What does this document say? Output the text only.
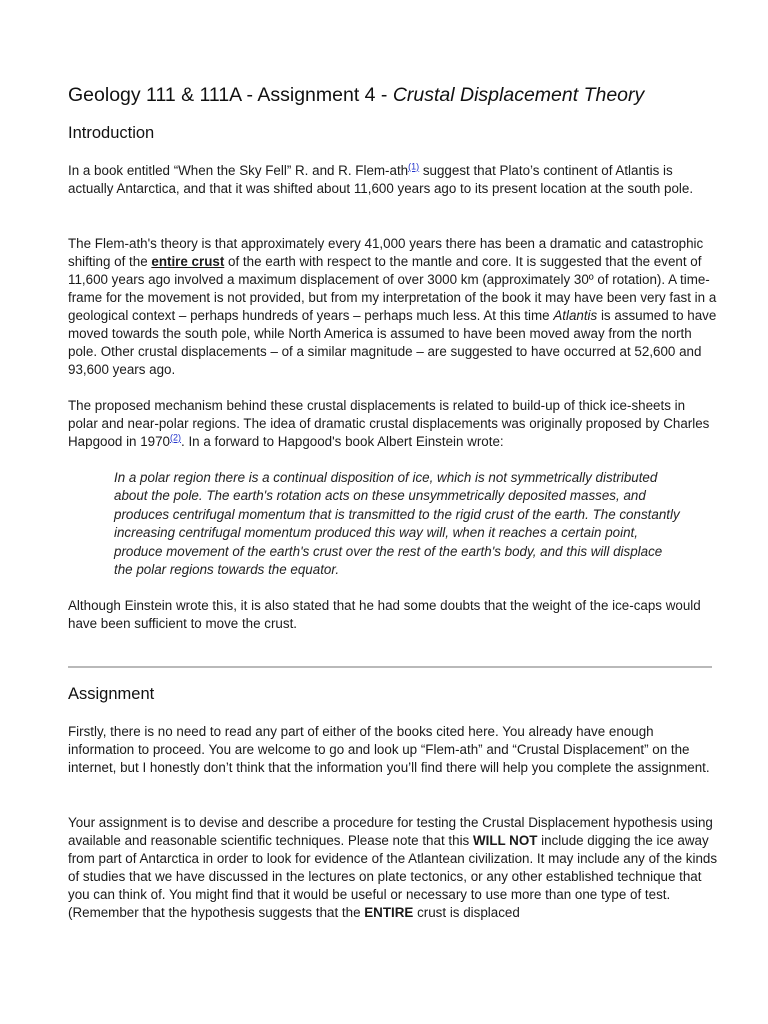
Geology 111 & 111A - Assignment 4 - Crustal Displacement Theory
Introduction

In a book entitled “When the Sky Fell” R. and R. Flem-ath$^{(1)}$ suggest that Plato’s continent of Atlantis is actually Antarctica, and that it was shifted about 11,600 years ago to its present location at the south pole.

The Flem-ath's theory is that approximately every 41,000 years there has been a dramatic and catastrophic shifting of the entire crust of the earth with respect to the mantle and core. It is suggested that the event of 11,600 years ago involved a maximum displacement of over 3000 km (approximately 30º of rotation). A time-frame for the movement is not provided, but from my interpretation of the book it may have been very fast in a geological context – perhaps hundreds of years – perhaps much less. At this time Atlantis is assumed to have moved towards the south pole, while North America is assumed to have been moved away from the north pole. Other crustal displacements – of a similar magnitude – are suggested to have occurred at 52,600 and 93,600 years ago.

The proposed mechanism behind these crustal displacements is related to build-up of thick ice-sheets in polar and near-polar regions. The idea of dramatic crustal displacements was originally proposed by Charles Hapgood in 1970$^{(2)}$. In a forward to Hapgood's book Albert Einstein wrote:

In a polar region there is a continual disposition of ice, which is not symmetrically distributed about the pole. The earth's rotation acts on these unsymmetrically deposited masses, and produces centrifugal momentum that is transmitted to the rigid crust of the earth. The constantly increasing centrifugal momentum produced this way will, when it reaches a certain point, produce movement of the earth's crust over the rest of the earth's body, and this will displace the polar regions towards the equator.

Although Einstein wrote this, it is also stated that he had some doubts that the weight of the ice-caps would have been sufficient to move the crust.

Assignment

Firstly, there is no need to read any part of either of the books cited here. You already have enough information to proceed. You are welcome to go and look up “Flem-ath” and “Crustal Displacement” on the internet, but I honestly don’t think that the information you’ll find there will help you complete the assignment.

Your assignment is to devise and describe a procedure for testing the Crustal Displacement hypothesis using available and reasonable scientific techniques. Please note that this WILL NOT include digging the ice away from part of Antarctica in order to look for evidence of the Atlantean civilization. It may include any of the kinds of studies that we have discussed in the lectures on plate tectonics, or any other established technique that you can think of. You might find that it would be useful or necessary to use more than one type of test. (Remember that the hypothesis suggests that the ENTIRE crust is displaced
